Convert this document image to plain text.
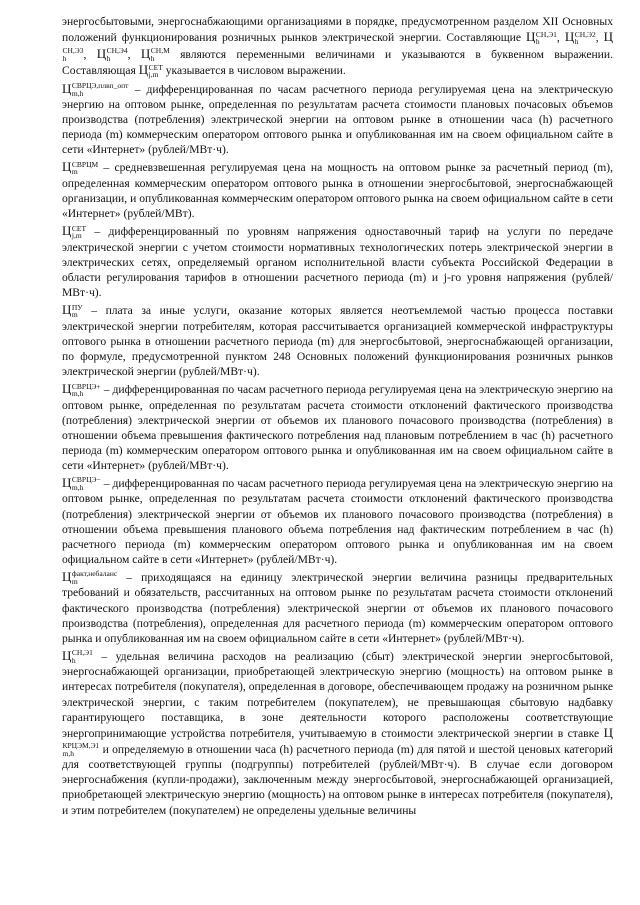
энергосбытовыми, энергоснабжающими организациями в порядке, предусмотренном разделом XII Основных положений функционирования розничных рынков электрической энергии. Составляющие Ц СН,Э1
h	, Ц СН,Э2
h	, Ц
СН,Э3
h	, Ц СН,Э4
h	, Ц СН,М
h	являются переменными величинами и указываются в буквенном выражении. Составляющая Ц СЕТ
j,m указывается в числовом выражении.

Ц СВРЦЭ,плвп_опт
m,h	– дифференцированная по часам расчетного периода регулируемая цена на электрическую энергию на оптовом рынке, определенная по результатам расчета стоимости плановых почасовых объемов производства (потребления) электрической энергии на оптовом рынке в отношении часа (h) расчетного периода (m) коммерческим оператором оптового рынка и опубликованная им на своем официальном сайте в сети «Интернет» (рублей/МВт·ч).

Ц СВРЦМ
m	– средневзвешенная регулируемая цена на мощность на оптовом рынке за расчетный период (m), определенная коммерческим оператором оптового рынка в отношении энергосбытовой, энергоснабжающей организации, и опубликованная коммерческим оператором оптового рынка на своем официальном сайте в сети «Интернет» (рублей/МВт).

Ц СЕТ
j,m	– дифференцированный по уровням напряжения одноставочный тариф на услуги по передаче электрической энергии с учетом стоимости нормативных технологических потерь электрической энергии в электрических сетях, определяемый органом исполнительной власти субъекта Российской Федерации в области регулирования тарифов в отношении расчетного периода (m) и j-го уровня напряжения (рублей/МВт·ч).

Ц ПУ
m	– плата за иные услуги, оказание которых является неотъемлемой частью процесса поставки электрической энергии потребителям, которая рассчитывается организацией коммерческой инфраструктуры оптового рынка в отношении расчетного периода (m) для энергосбытовой, энергоснабжающей организации, по формуле, предусмотренной пунктом 248 Основных положений функционирования розничных рынков электрической энергии (рублей/МВт·ч).

Ц СВРЦЭ+
m,h	– дифференцированная по часам расчетного периода регулируемая цена на электрическую энергию на оптовом рынке, определенная по результатам расчета стоимости отклонений фактического производства (потребления) электрической энергии от объемов их планового почасового производства (потребления) в отношении объема превышения фактического потребления над плановым потреблением в час (h) расчетного периода (m) коммерческим оператором оптового рынка и опубликованная им на своем официальном сайте в сети «Интернет» (рублей/МВт·ч).

Ц СВРЦЭ−
m,h	– дифференцированная по часам расчетного периода регулируемая цена на электрическую энергию на оптовом рынке, определенная по результатам расчета стоимости отклонений фактического производства (потребления) электрической энергии от объемов их планового почасового производства (потребления) в отношении объема превышения планового объема потребления над фактическим потреблением в час (h) расчетного периода (m) коммерческим оператором оптового рынка и опубликованная им на своем официальном сайте в сети «Интернет» (рублей/МВт·ч).

Ц факт,небаланс
m	– приходящаяся на единицу электрической энергии величина разницы предварительных требований и обязательств, рассчитанных на оптовом рынке по результатам расчета стоимости отклонений фактического производства (потребления) электрической энергии от объемов их планового почасового производства (потребления), определенная для расчетного периода (m) коммерческим оператором оптового рынка и опубликованная им на своем официальном сайте в сети «Интернет» (рублей/МВт·ч).

Ц СН,Э1
h	– удельная величина расходов на реализацию (сбыт) электрической энергии энергосбытовой, энергоснабжающей организации, приобретающей электрическую энергию (мощность) на оптовом рынке в интересах потребителя (покупателя), определенная в договоре, обеспечивающем продажу на розничном рынке электрической энергии, с таким потребителем (покупателем), не превышающая сбытовую надбавку гарантирующего поставщика, в зоне деятельности которого расположены соответствующие энергопринимающие устройства потребителя, учитываемую в стоимости электрической энергии в ставке Ц
КРЦЭМ,Э1
m,h	и определяемую в отношении часа (h) расчетного периода (m) для пятой и шестой ценовых категорий для соответствующей группы (подгруппы) потребителей (рублей/МВт·ч). В случае если договором энергоснабжения (купли-продажи), заключенным между энергосбытовой, энергоснабжающей организацией, приобретающей электрическую энергию (мощность) на оптовом рынке в интересах потребителя (покупателя), и этим потребителем (покупателем) не определены удельные величины
